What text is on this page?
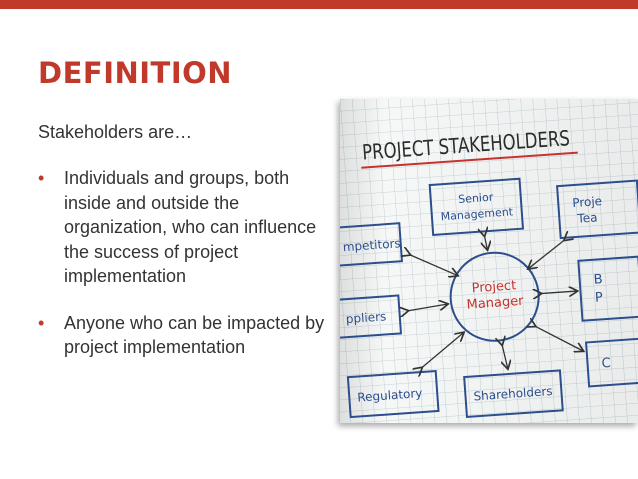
DEFINITION
Stakeholders are…
• Individuals and groups, both inside and outside the organization, who can influence the success of project implementation
• Anyone who can be impacted by project implementation
PROJECT STAKEHOLDERS
Project
Manager
Senior
Management
mpetitors
Proje
Tea
ppliers
B
P
Regulatory	Shareholders
C
